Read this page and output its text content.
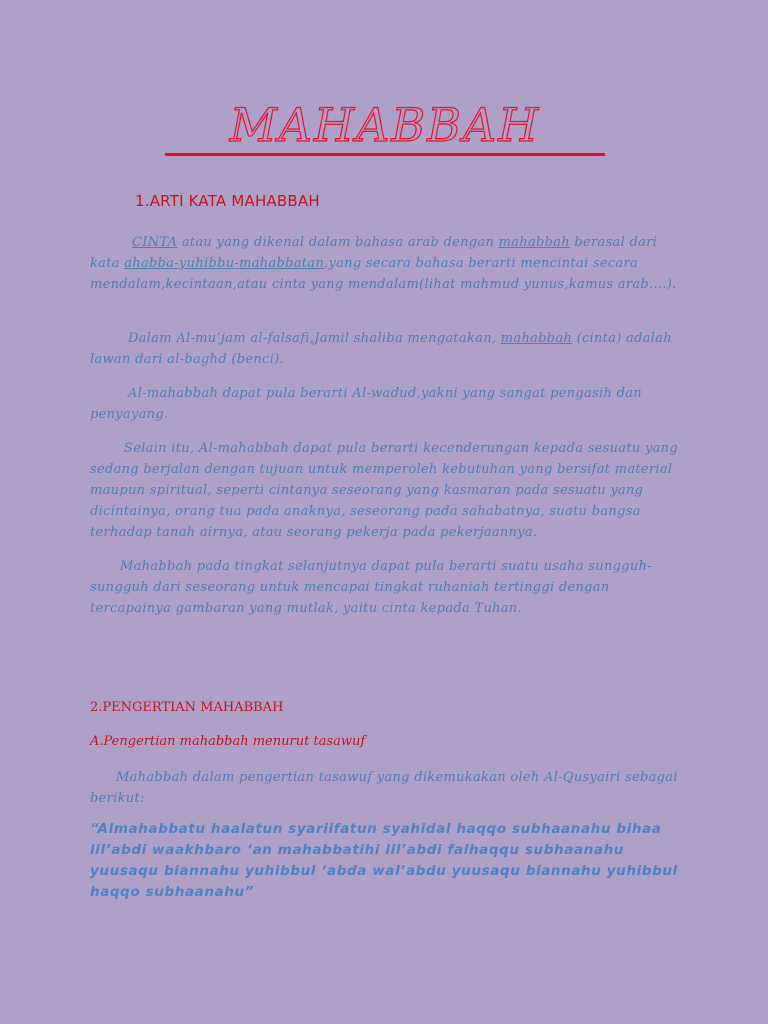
MAHABBAH
1.ARTI KATA MAHABBAH
CINTA atau yang dikenal dalam bahasa arab dengan mahabbah berasal dari kata ahabba-yuhibbu-mahabbatan,yang secara bahasa berarti mencintai secara mendalam,kecintaan,atau cinta yang mendalam(lihat mahmud yunus,kamus arab….).
Dalam Al-mu’jam al-falsafi,Jamil shaliba mengatakan, mahabbah (cinta) adalah lawan dari al-baghd (benci).
Al-mahabbah dapat pula berarti Al-wadud,yakni yang sangat pengasih dan penyayang.
Selain itu, Al-mahabbah dapat pula berarti kecenderungan kepada sesuatu yang sedang berjalan dengan tujuan untuk memperoleh kebutuhan yang bersifat material maupun spiritual, seperti cintanya seseorang yang kasmaran pada sesuatu yang dicintainya, orang tua pada anaknya, seseorang pada sahabatnya, suatu bangsa terhadap tanah airnya, atau seorang pekerja pada pekerjaannya.
Mahabbah pada tingkat selanjutnya dapat pula berarti suatu usaha sungguh-sungguh dari seseorang untuk mencapai tingkat ruhaniah tertinggi dengan tercapainya gambaran yang mutlak, yaitu cinta kepada Tuhan.
2.PENGERTIAN MAHABBAH
A.Pengertian mahabbah menurut tasawuf
Mahabbah dalam pengertian tasawuf yang dikemukakan oleh Al-Qusyairi sebagai berikut:
“Almahabbatu haalatun syariifatun syahidal haqqo subhaanahu bihaa lil’abdi waakhbaro ‘an mahabbatihi lil’abdi falhaqqu subhaanahu yuusaqu biannahu yuhibbul ‘abda wal’abdu yuusaqu biannahu yuhibbul haqqo subhaanahu”
